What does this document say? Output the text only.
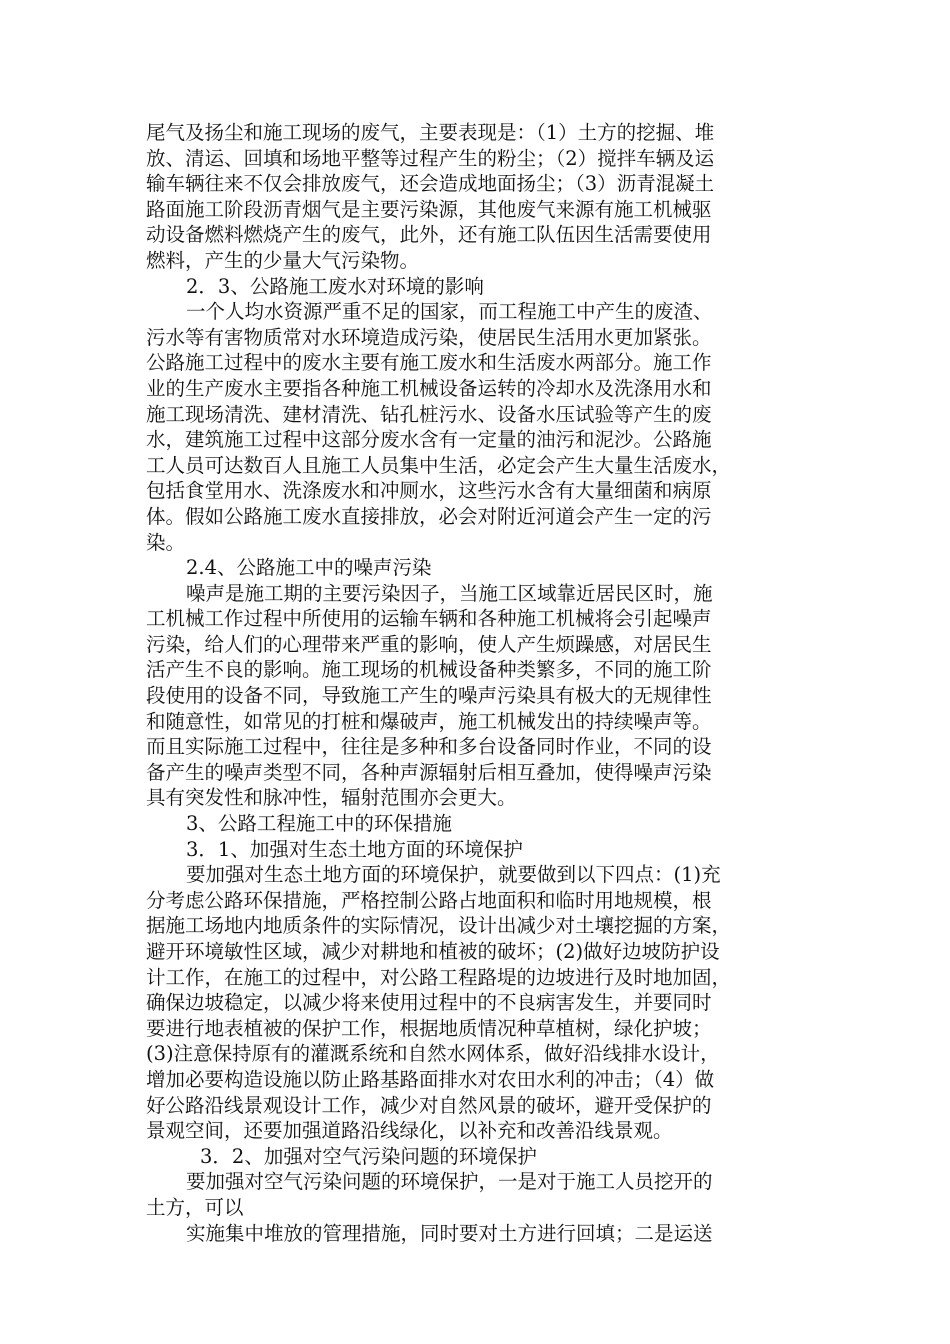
尾气及扬尘和施工现场的废气，主要表现是：（1）土方的挖掘、堆
放、清运、回填和场地平整等过程产生的粉尘；（2）搅拌车辆及运
输车辆往来不仅会排放废气，还会造成地面扬尘；（3）沥青混凝土
路面施工阶段沥青烟气是主要污染源，其他废气来源有施工机械驱
动设备燃料燃烧产生的废气，此外，还有施工队伍因生活需要使用
燃料，产生的少量大气污染物。
2．3、公路施工废水对环境的影响
一个人均水资源严重不足的国家，而工程施工中产生的废渣、
污水等有害物质常对水环境造成污染，使居民生活用水更加紧张。
公路施工过程中的废水主要有施工废水和生活废水两部分。施工作
业的生产废水主要指各种施工机械设备运转的冷却水及洗涤用水和
施工现场清洗、建材清洗、钻孔桩污水、设备水压试验等产生的废
水，建筑施工过程中这部分废水含有一定量的油污和泥沙。公路施
工人员可达数百人且施工人员集中生活，必定会产生大量生活废水，
包括食堂用水、洗涤废水和冲厕水，这些污水含有大量细菌和病原
体。假如公路施工废水直接排放，必会对附近河道会产生一定的污
染。
2.4、公路施工中的噪声污染
噪声是施工期的主要污染因子，当施工区域靠近居民区时，施
工机械工作过程中所使用的运输车辆和各种施工机械将会引起噪声
污染，给人们的心理带来严重的影响，使人产生烦躁感，对居民生
活产生不良的影响。施工现场的机械设备种类繁多，不同的施工阶
段使用的设备不同，导致施工产生的噪声污染具有极大的无规律性
和随意性，如常见的打桩和爆破声，施工机械发出的持续噪声等。
而且实际施工过程中，往往是多种和多台设备同时作业，不同的设
备产生的噪声类型不同，各种声源辐射后相互叠加，使得噪声污染
具有突发性和脉冲性，辐射范围亦会更大。
3、公路工程施工中的环保措施
3．1、加强对生态土地方面的环境保护
要加强对生态土地方面的环境保护，就要做到以下四点：(1)充
分考虑公路环保措施，严格控制公路占地面积和临时用地规模，根
据施工场地内地质条件的实际情况，设计出减少对土壤挖掘的方案，
避开环境敏性区域，减少对耕地和植被的破坏；(2)做好边坡防护设
计工作，在施工的过程中，对公路工程路堤的边坡进行及时地加固，
确保边坡稳定，以减少将来使用过程中的不良病害发生，并要同时
要进行地表植被的保护工作，根据地质情况种草植树，绿化护坡；
(3)注意保持原有的灌溉系统和自然水网体系，做好沿线排水设计，
增加必要构造设施以防止路基路面排水对农田水利的冲击；（4）做
好公路沿线景观设计工作，减少对自然风景的破坏，避开受保护的
景观空间，还要加强道路沿线绿化，以补充和改善沿线景观。
3．2、加强对空气污染问题的环境保护
要加强对空气污染问题的环境保护，一是对于施工人员挖开的
土方，可以
实施集中堆放的管理措施，同时要对土方进行回填；二是运送
